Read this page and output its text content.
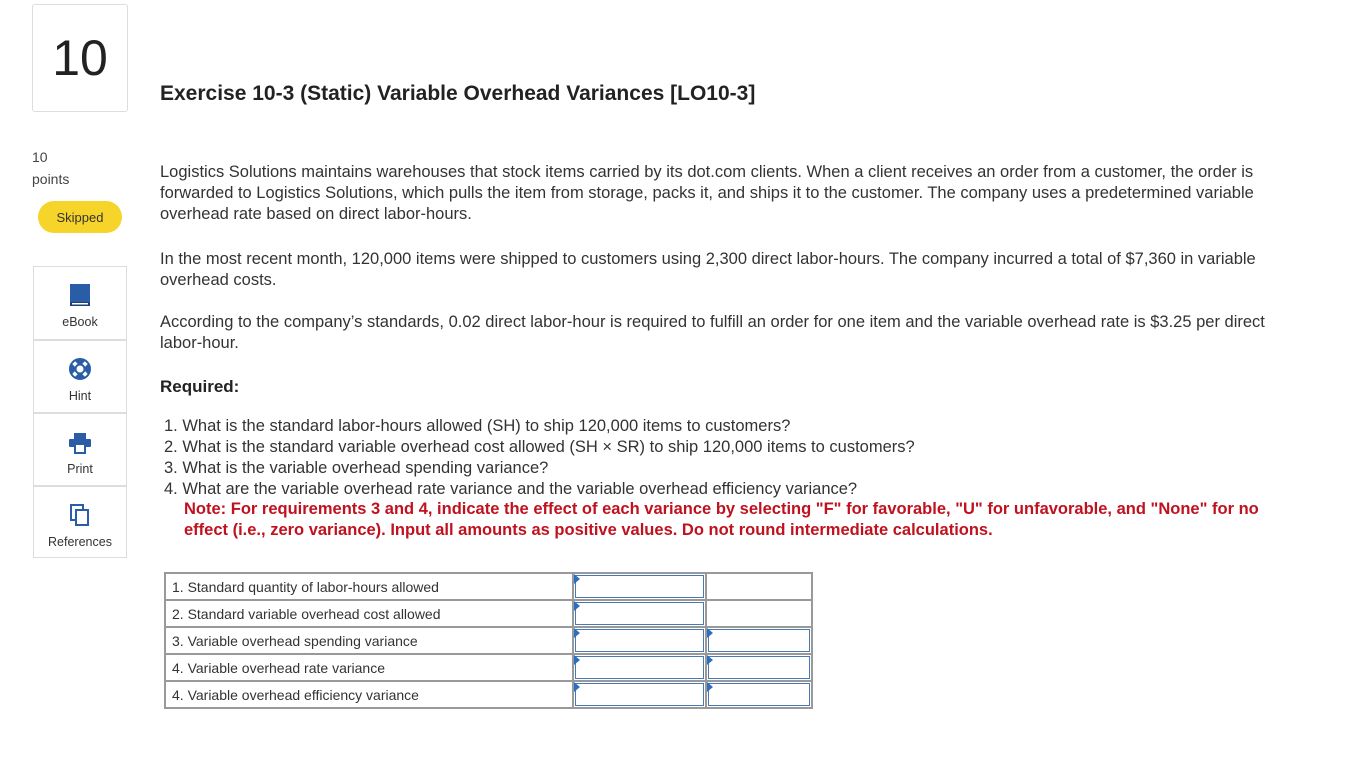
10
Exercise 10-3 (Static) Variable Overhead Variances [LO10-3]
10
points
Skipped
eBook
Hint
Print
References
Logistics Solutions maintains warehouses that stock items carried by its dot.com clients. When a client receives an order from a customer, the order is forwarded to Logistics Solutions, which pulls the item from storage, packs it, and ships it to the customer. The company uses a predetermined variable overhead rate based on direct labor-hours.
In the most recent month, 120,000 items were shipped to customers using 2,300 direct labor-hours. The company incurred a total of $7,360 in variable overhead costs.
According to the company’s standards, 0.02 direct labor-hour is required to fulfill an order for one item and the variable overhead rate is $3.25 per direct labor-hour.
Required:
1. What is the standard labor-hours allowed (SH) to ship 120,000 items to customers?
2. What is the standard variable overhead cost allowed (SH × SR) to ship 120,000 items to customers?
3. What is the variable overhead spending variance?
4. What are the variable overhead rate variance and the variable overhead efficiency variance?
Note: For requirements 3 and 4, indicate the effect of each variance by selecting "F" for favorable, "U" for unfavorable, and "None" for no effect (i.e., zero variance). Input all amounts as positive values. Do not round intermediate calculations.
1. Standard quantity of labor-hours allowed	

2. Standard variable overhead cost allowed	

3. Variable overhead spending variance	

4. Variable overhead rate variance	

4. Variable overhead efficiency variance	
